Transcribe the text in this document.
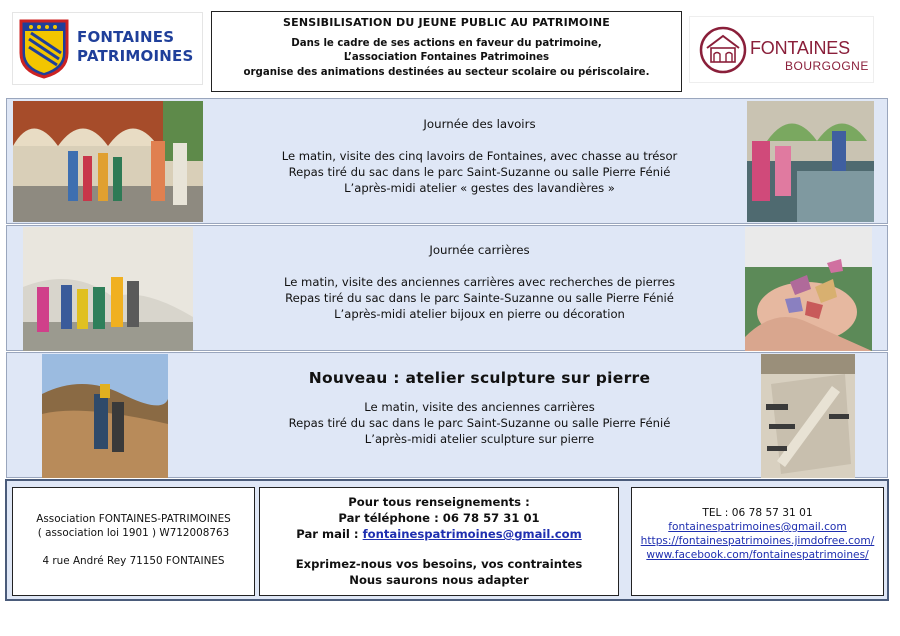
FONTAINES
PATRIMOINES
SENSIBILISATION DU JEUNE PUBLIC AU PATRIMOINE
Dans le cadre de ses actions en faveur du patrimoine,
L’association Fontaines Patrimoines
organise des animations destinées au secteur scolaire ou périscolaire.
FONTAINES
BOURGOGNE
Journée des lavoirs
Le matin, visite des cinq lavoirs de Fontaines, avec chasse au trésor
Repas tiré du sac dans le parc Saint-Suzanne ou salle Pierre Fénié
L’après-midi atelier « gestes des lavandières »
Journée carrières
Le matin, visite des anciennes carrières avec recherches de pierres
Repas tiré du sac dans le parc Sainte-Suzanne ou salle Pierre Fénié
L’après-midi atelier bijoux en pierre ou décoration
Nouveau : atelier sculpture sur pierre
Le matin, visite des anciennes carrières
Repas tiré du sac dans le parc Saint-Suzanne ou salle Pierre Fénié
L’après-midi atelier sculpture sur pierre
Association FONTAINES-PATRIMOINES
( association loi 1901 ) W712008763
4 rue André Rey 71150 FONTAINES
Pour tous renseignements :
Par téléphone : 06 78 57 31 01
Par mail : fontainespatrimoines@gmail.com
Exprimez-nous vos besoins, vos contraintes
Nous saurons nous adapter
TEL : 06 78 57 31 01
fontainespatrimoines@gmail.com
https://fontainespatrimoines.jimdofree.com/
www.facebook.com/fontainespatrimoines/
